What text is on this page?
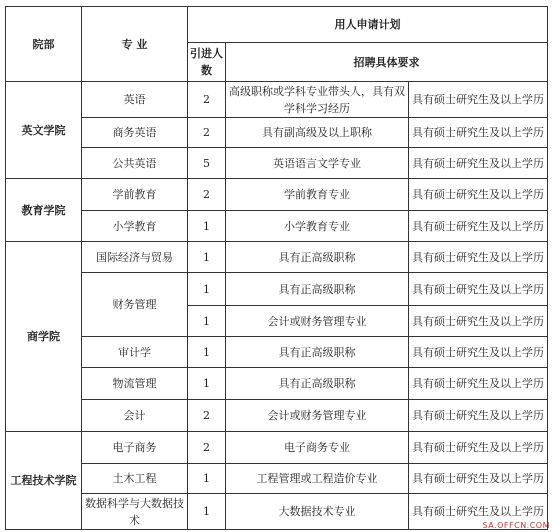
院部	专 业	用人申请计划		
		引进人数	招聘具体要求	
英文学院	英语	2	高级职称或学科专业带头人，具有双学科学习经历	具有硕士研究生及以上学历
	商务英语	2	具有副高级及以上职称	具有硕士研究生及以上学历
	公共英语	5	英语语言文学专业	具有硕士研究生及以上学历
教育学院	学前教育	2	学前教育专业	具有硕士研究生及以上学历
	小学教育	1	小学教育专业	具有硕士研究生及以上学历
商学院	国际经济与贸易	1	具有正高级职称	具有硕士研究生及以上学历
	财务管理	1	具有正高级职称	具有硕士研究生及以上学历
		1	会计或财务管理专业	具有硕士研究生及以上学历
	审计学	1	具有正高级职称	具有硕士研究生及以上学历
	物流管理	1	具有正高级职称	具有硕士研究生及以上学历
	会计	2	会计或财务管理专业	具有硕士研究生及以上学历
工程技术学院	电子商务	2	电子商务专业	具有硕士研究生及以上学历
	土木工程	1	工程管理或工程造价专业	具有硕士研究生及以上学历
	数据科学与大数据技术	1	大数据技术专业	具有硕士研究生及以上学历
SA.OFFCN.COM
